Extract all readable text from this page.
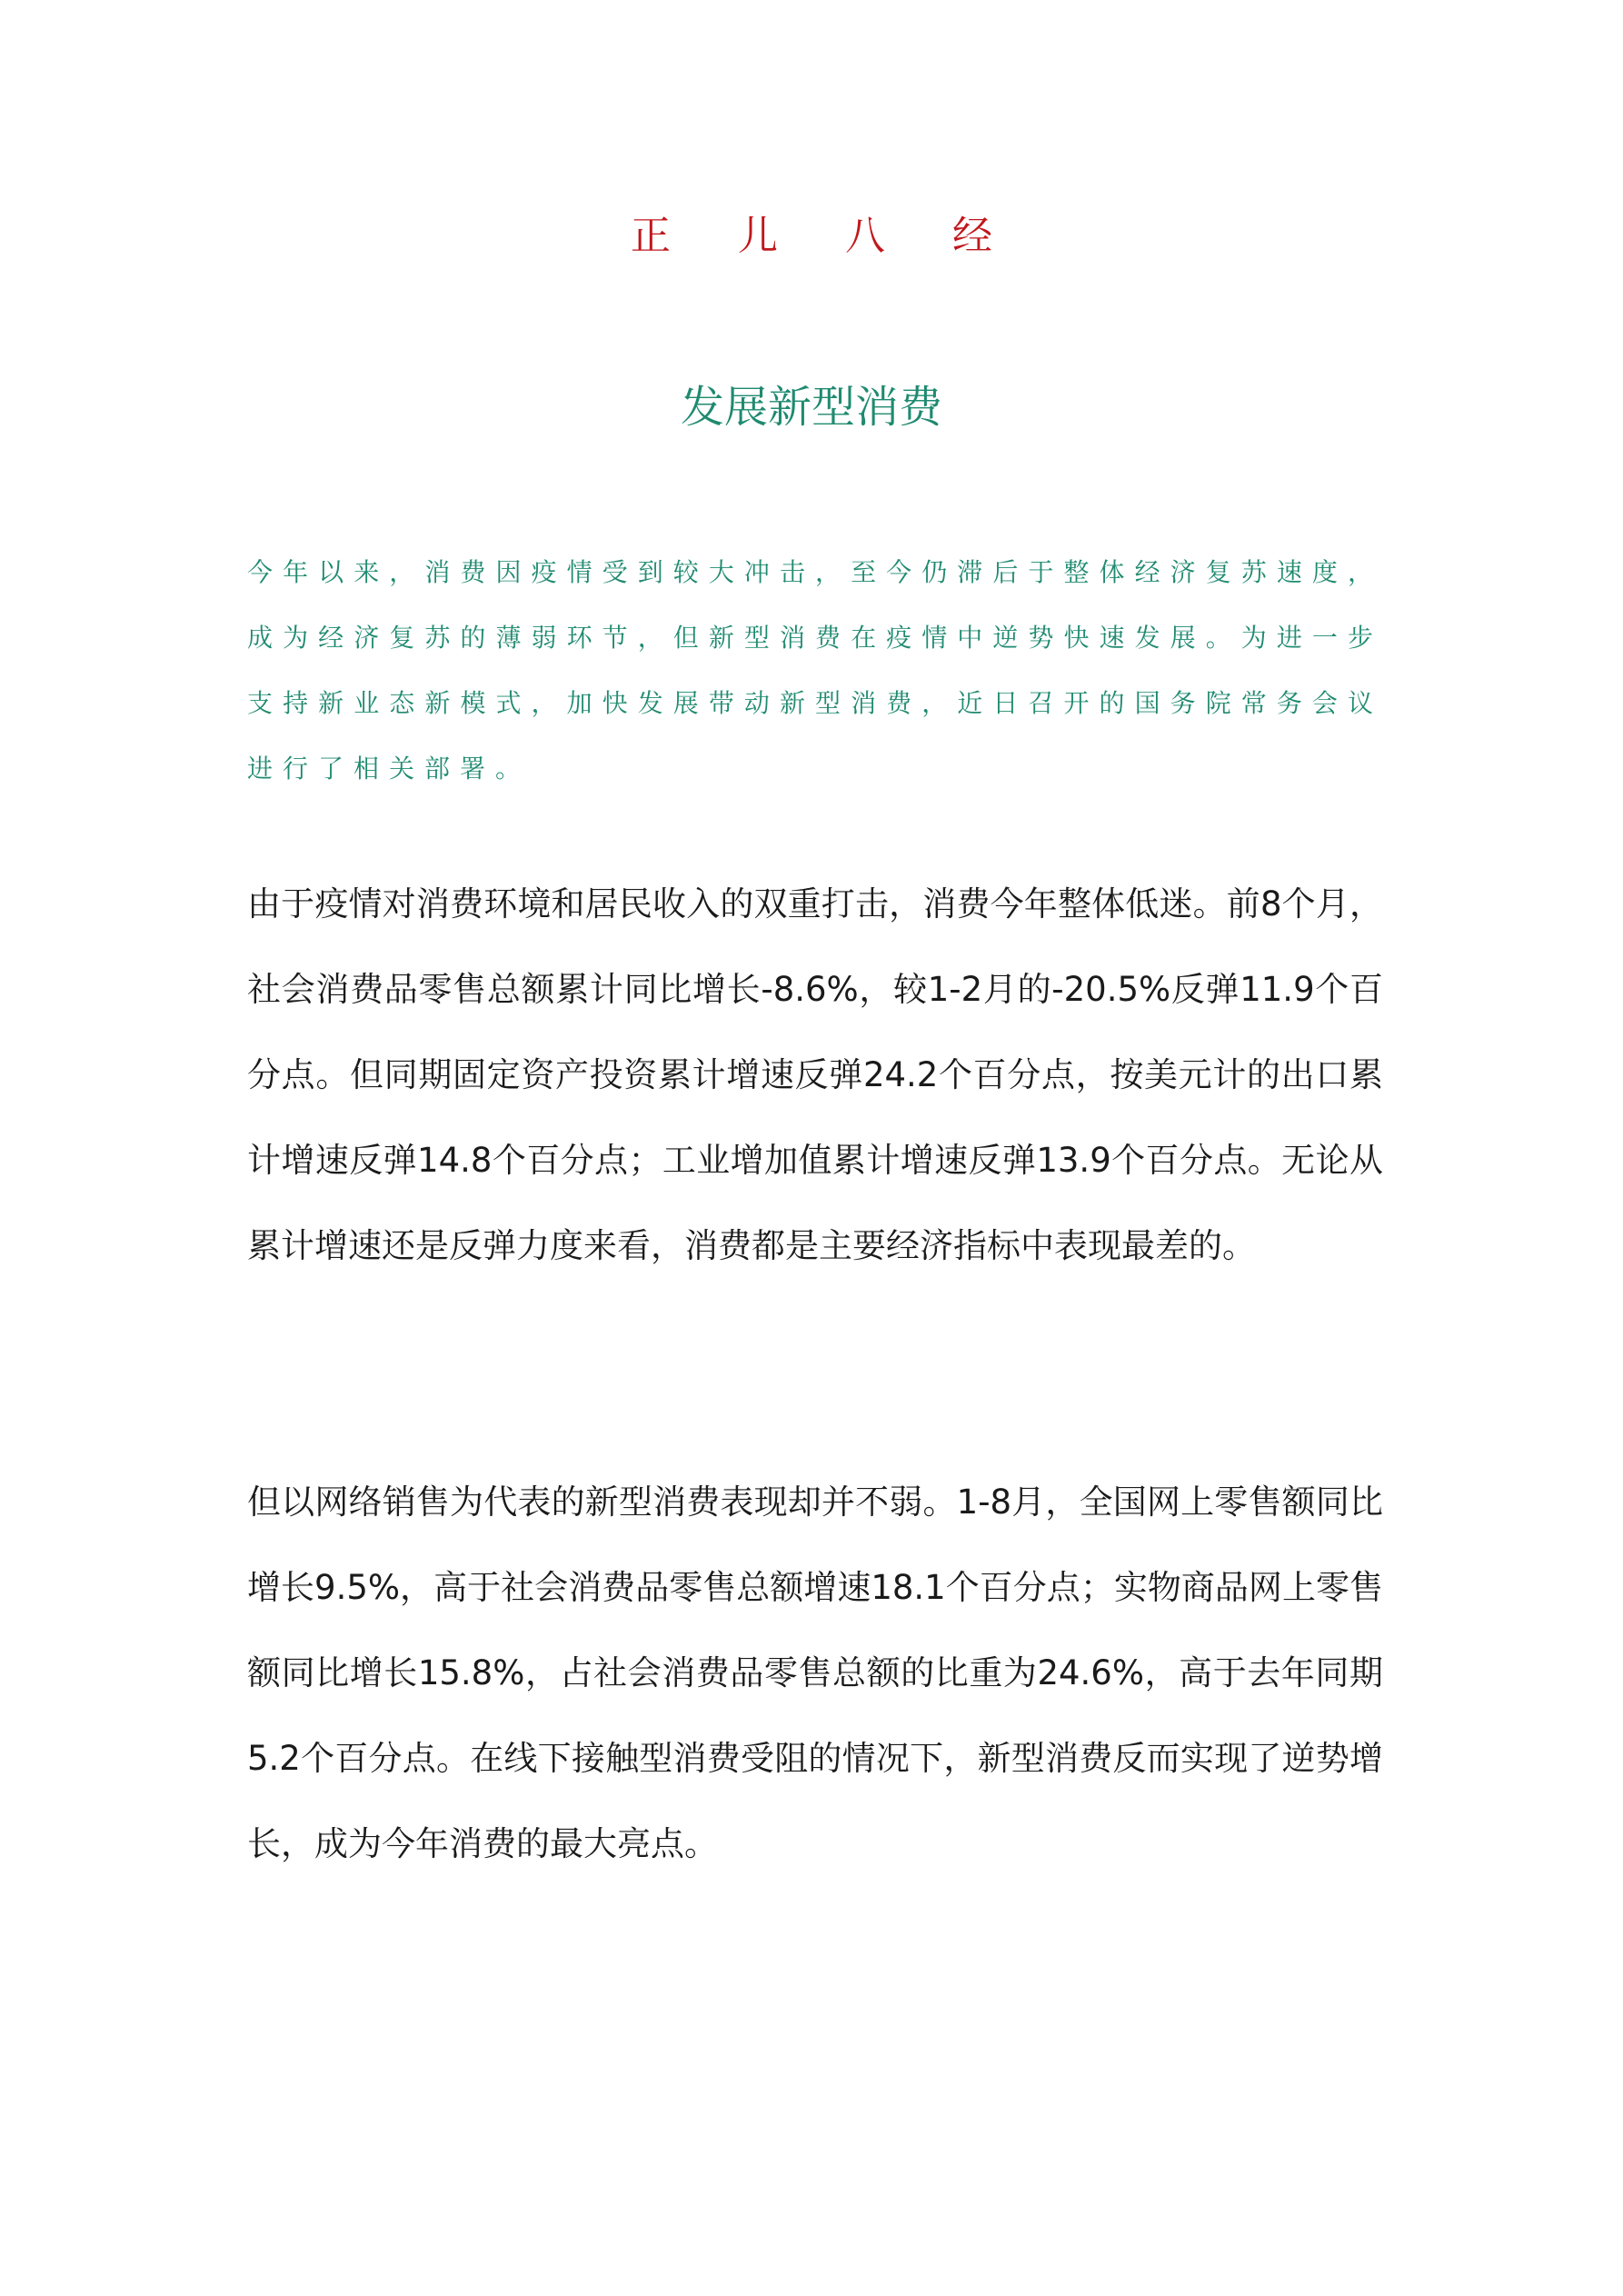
正 儿 八 经
发展新型消费
今年以来，消费因疫情受到较大冲击，至今仍滞后于整体经济复苏速度，成为经济复苏的薄弱环节，但新型消费在疫情中逆势快速发展。为进一步支持新业态新模式，加快发展带动新型消费，近日召开的国务院常务会议进行了相关部署。
由于疫情对消费环境和居民收入的双重打击，消费今年整体低迷。前8个月，社会消费品零售总额累计同比增长-8.6%，较1-2月的-20.5%反弹11.9个百分点。但同期固定资产投资累计增速反弹24.2个百分点，按美元计的出口累计增速反弹14.8个百分点；工业增加值累计增速反弹13.9个百分点。无论从累计增速还是反弹力度来看，消费都是主要经济指标中表现最差的。
但以网络销售为代表的新型消费表现却并不弱。1-8月，全国网上零售额同比增长9.5%，高于社会消费品零售总额增速18.1个百分点；实物商品网上零售额同比增长15.8%，占社会消费品零售总额的比重为24.6%，高于去年同期5.2个百分点。在线下接触型消费受阻的情况下，新型消费反而实现了逆势增长，成为今年消费的最大亮点。
